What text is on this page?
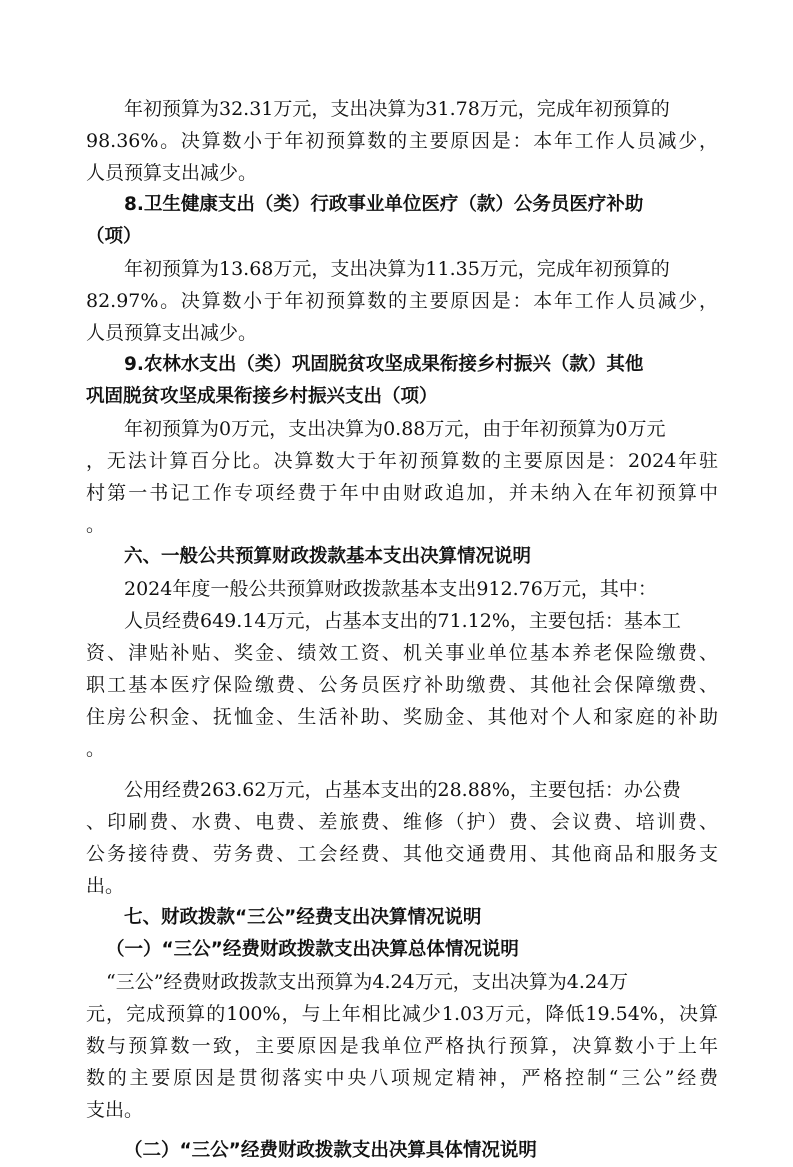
年初预算为32.31万元，支出决算为31.78万元，完成年初预算的
98.36%。决算数小于年初预算数的主要原因是：本年工作人员减少，
人员预算支出减少。
8.卫生健康支出（类）行政事业单位医疗（款）公务员医疗补助
（项）
年初预算为13.68万元，支出决算为11.35万元，完成年初预算的
82.97%。决算数小于年初预算数的主要原因是：本年工作人员减少，
人员预算支出减少。
9.农林水支出（类）巩固脱贫攻坚成果衔接乡村振兴（款）其他
巩固脱贫攻坚成果衔接乡村振兴支出（项）
年初预算为0万元，支出决算为0.88万元，由于年初预算为0万元
，无法计算百分比。决算数大于年初预算数的主要原因是：2024年驻
村第一书记工作专项经费于年中由财政追加，并未纳入在年初预算中
。
六、一般公共预算财政拨款基本支出决算情况说明
2024年度一般公共预算财政拨款基本支出912.76万元，其中：
人员经费649.14万元，占基本支出的71.12%，主要包括：基本工
资、津贴补贴、奖金、绩效工资、机关事业单位基本养老保险缴费、
职工基本医疗保险缴费、公务员医疗补助缴费、其他社会保障缴费、
住房公积金、抚恤金、生活补助、奖励金、其他对个人和家庭的补助
。
公用经费263.62万元，占基本支出的28.88%，主要包括：办公费
、印刷费、水费、电费、差旅费、维修（护）费、会议费、培训费、
公务接待费、劳务费、工会经费、其他交通费用、其他商品和服务支
出。
七、财政拨款“三公”经费支出决算情况说明
（一）“三公”经费财政拨款支出决算总体情况说明
“三公”经费财政拨款支出预算为4.24万元，支出决算为4.24万
元，完成预算的100%，与上年相比减少1.03万元，降低19.54%，决算
数与预算数一致，主要原因是我单位严格执行预算，决算数小于上年
数的主要原因是贯彻落实中央八项规定精神，严格控制“三公”经费
支出。
（二）“三公”经费财政拨款支出决算具体情况说明
